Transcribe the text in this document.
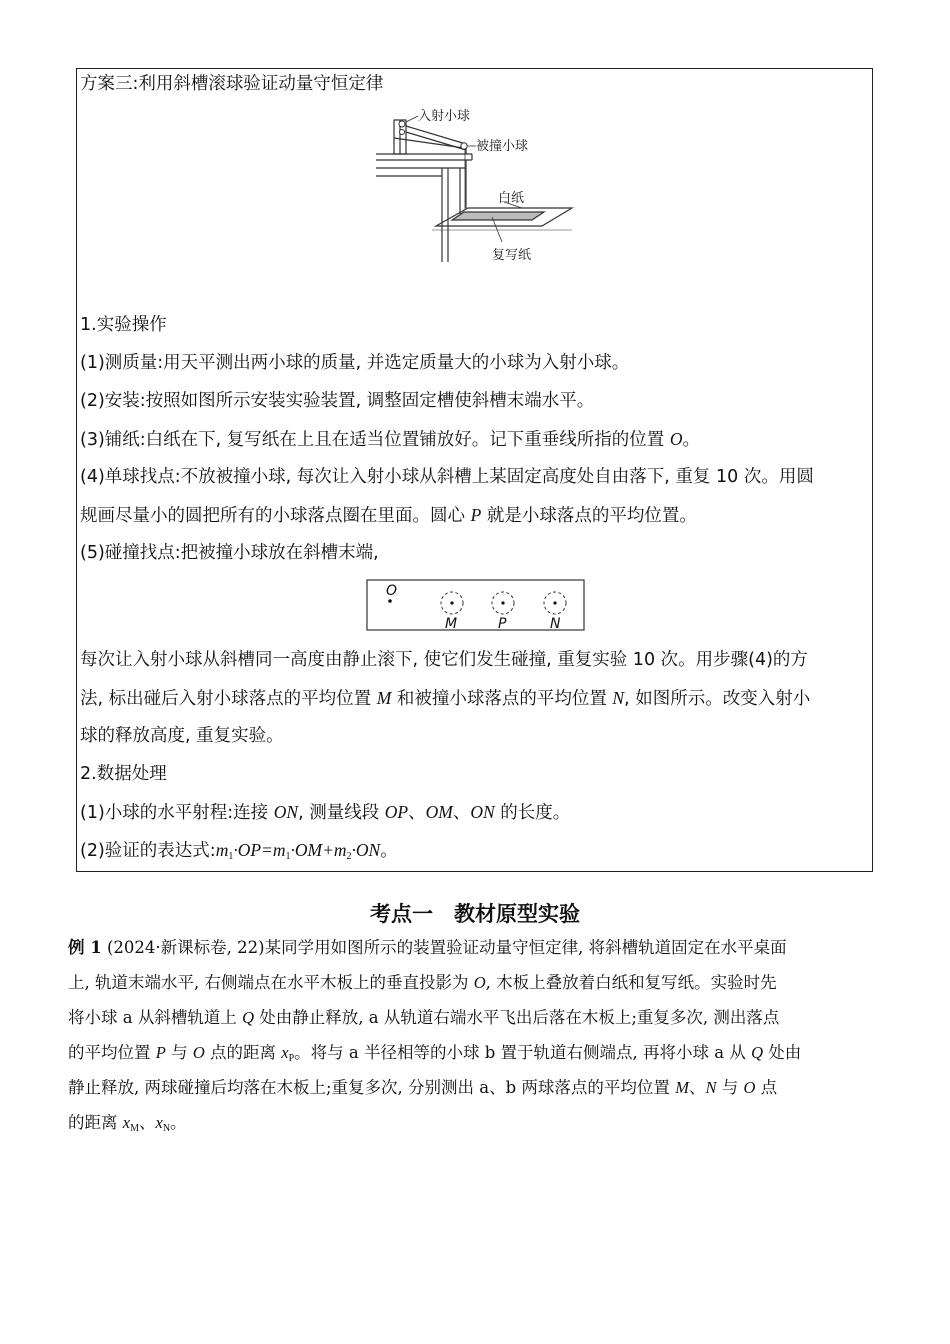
方案三:利用斜槽滚球验证动量守恒定律
入射小球
被撞小球
白纸
复写纸
1.实验操作
(1)测质量:用天平测出两小球的质量, 并选定质量大的小球为入射小球。
(2)安装:按照如图所示安装实验装置, 调整固定槽使斜槽末端水平。
(3)铺纸:白纸在下, 复写纸在上且在适当位置铺放好。记下重垂线所指的位置 O。
(4)单球找点:不放被撞小球, 每次让入射小球从斜槽上某固定高度处自由落下, 重复 10 次。用圆
规画尽量小的圆把所有的小球落点圈在里面。圆心 P 就是小球落点的平均位置。
(5)碰撞找点:把被撞小球放在斜槽末端,
O
M	P	N
每次让入射小球从斜槽同一高度由静止滚下, 使它们发生碰撞, 重复实验 10 次。用步骤(4)的方
法, 标出碰后入射小球落点的平均位置 M 和被撞小球落点的平均位置 N, 如图所示。改变入射小
球的释放高度, 重复实验。
2.数据处理
(1)小球的水平射程:连接 ON, 测量线段 OP、OM、ON 的长度。
(2)验证的表达式$:m_1\cdot OP=m_1\cdot OM+m_2\cdot ON$。
考点一　教材原型实验
例 1 (2024·新课标卷, 22)某同学用如图所示的装置验证动量守恒定律, 将斜槽轨道固定在水平桌面
上, 轨道末端水平, 右侧端点在水平木板上的垂直投影为 O, 木板上叠放着白纸和复写纸。实验时先
将小球 a 从斜槽轨道上 Q 处由静止释放, a 从轨道右端水平飞出后落在木板上;重复多次, 测出落点
的平均位置 P 与 O 点的距离 $x_P$。将与 a 半径相等的小球 b 置于轨道右侧端点, 再将小球 a 从 Q 处由
静止释放, 两球碰撞后均落在木板上;重复多次, 分别测出 a、b 两球落点的平均位置 M、N 与 O 点
的距离 $x_M$、$x_N$。
